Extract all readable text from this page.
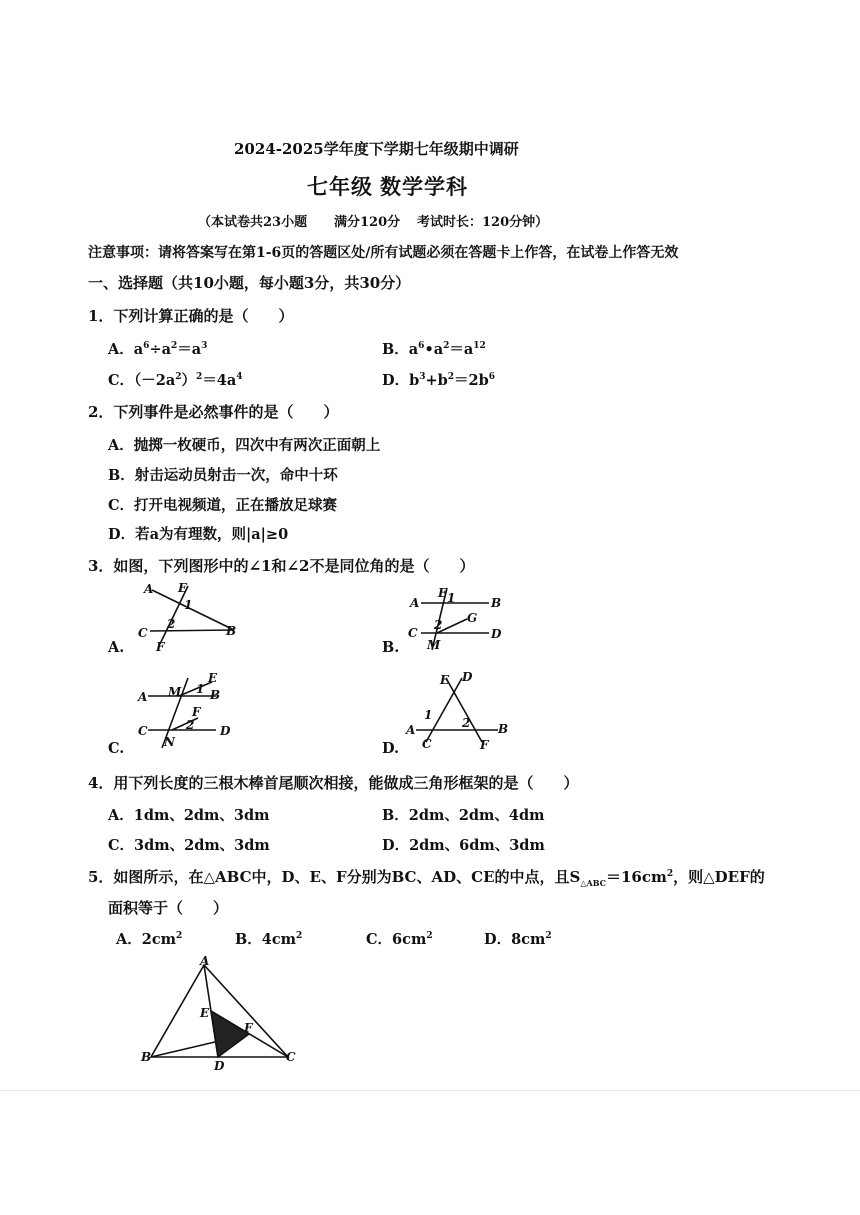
2024-2025学年度下学期七年级期中调研
七年级 数学学科
（本试卷共23小题 满分120分 考试时长：120分钟）
注意事项：请将答案写在第1-6页的答题区处/所有试题必须在答题卡上作答，在试卷上作答无效
一、选择题（共10小题，每小题3分，共30分）
1．下列计算正确的是（　　）
A．$a^6\div a^2=a^3$	B．$a^6•a^2=a^{12}$
C．$(-2a^2)^2=4a^4$	D．$b^3+b^2=2b^6$
2．下列事件是必然事件的是（　　）
A．抛掷一枚硬币，四次中有两次正面朝上
B．射击运动员射击一次，命中十环
C．打开电视频道，正在播放足球赛
D．若a为有理数，则|a|≥0
3．如图，下列图形中的∠1和∠2不是同位角的是（　　）
A.
A E
1
C
2	B
F	B.
A
E 1	B
C
2 G
D
M
C.
E
A M 1 B
F
C	2 D
N	D.
E D
1
2
A
C
B
F
4．用下列长度的三根木棒首尾顺次相接，能做成三角形框架的是（　　）
A．1dm、2dm、3dm	B．2dm、2dm、4dm
C．3dm、2dm、3dm	D．2dm、6dm、3dm
5．如图所示，在△ABC中，D、E、F分别为BC、AD、CE的中点，且$S_{\triangle ABC}=16cm^2$，则△DEF的
面积等于（　　）
A．$2cm^2$	B．$4cm^2$	C．$6cm^2$	D．$8cm^2$
A
E
F
B
D
C
